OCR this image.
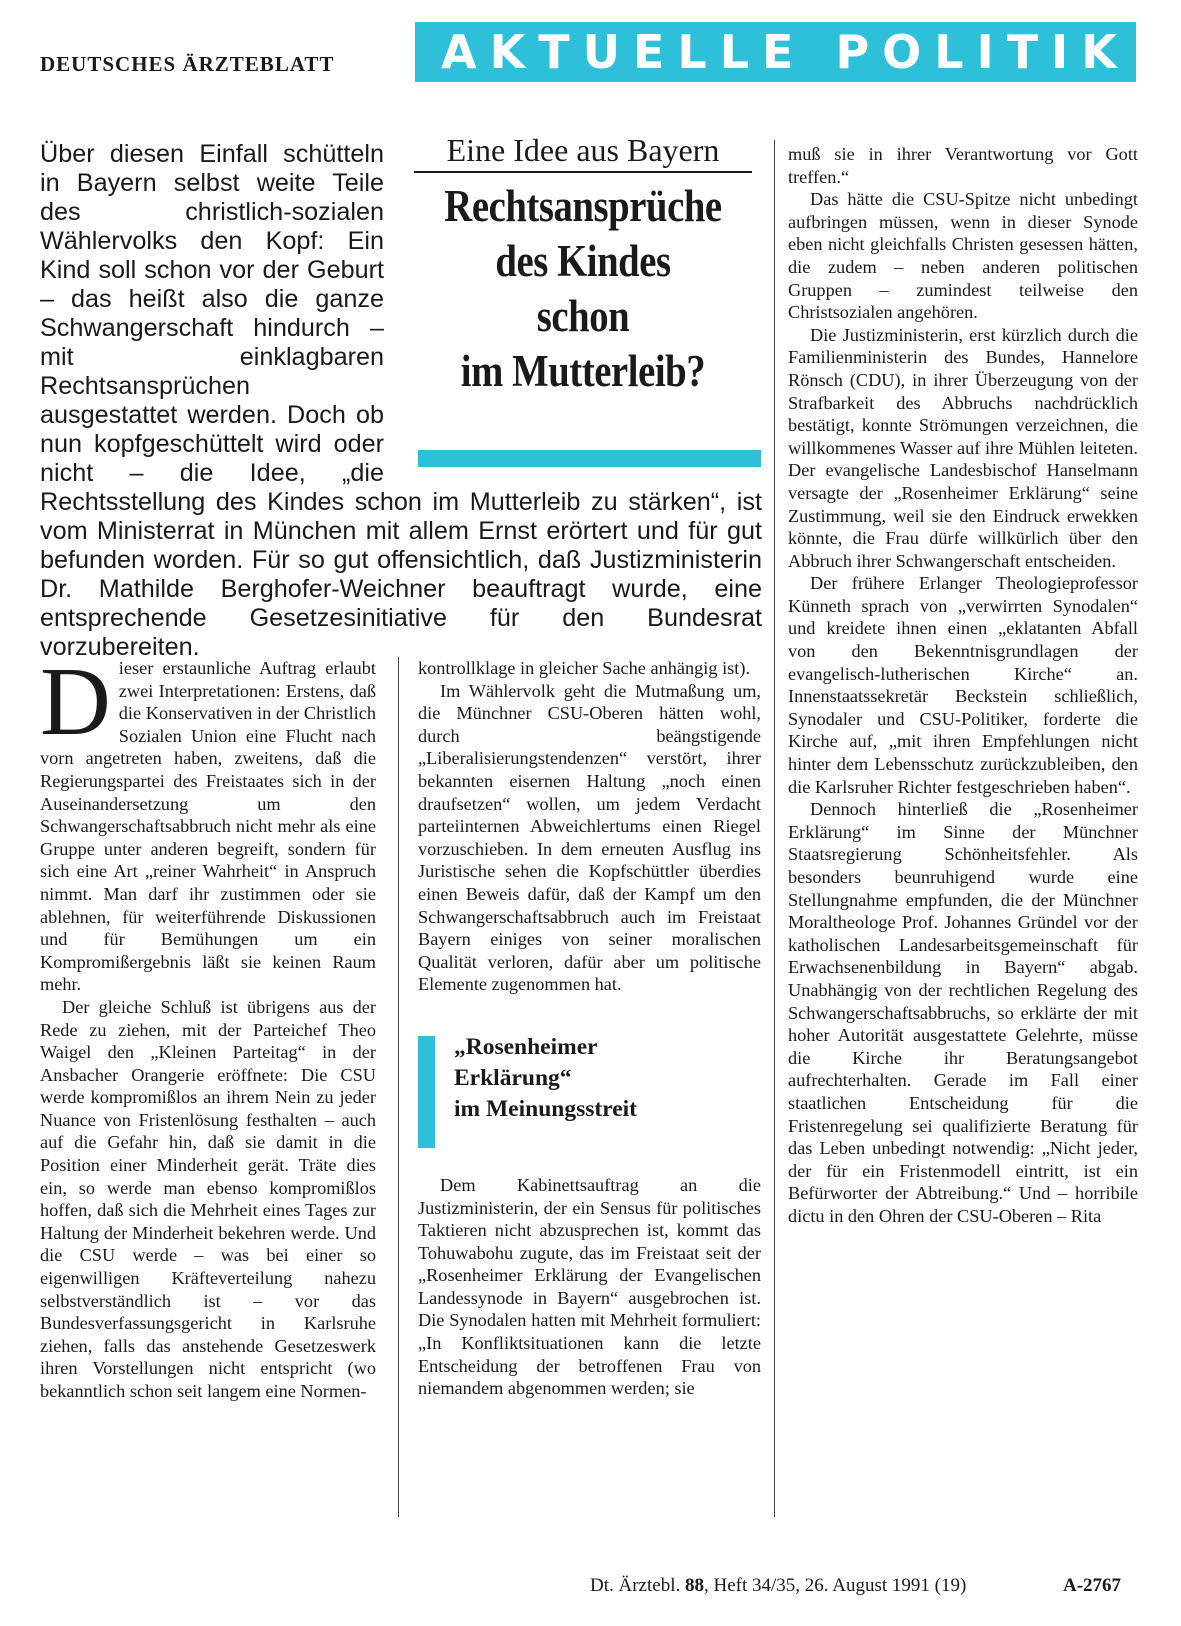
DEUTSCHES ÄRZTEBLATT	AKTUELLE POLITIK
Eine Idee aus Bayern
Rechtsansprüche
des Kindes
schon
im Mutterleib?

Über diesen Einfall schütteln in Bayern selbst weite Teile des christlich-sozialen Wählervolks den Kopf: Ein Kind soll schon vor der Geburt – das heißt also die ganze Schwangerschaft hindurch – mit einklagbaren Rechtsansprüchen ausgestattet werden. Doch ob nun kopfgeschüttelt wird oder nicht – die Idee, „die Rechtsstellung des Kindes schon im Mutterleib zu stärken“, ist vom Ministerrat in München mit allem Ernst erörtert und für gut befunden worden. Für so gut offensichtlich, daß Justizministerin Dr. Mathilde Berghofer-Weichner beauftragt wurde, eine entsprechende Gesetzesinitiative für den Bundesrat vorzubereiten.

Dieser erstaunliche Auftrag erlaubt zwei Interpretationen: Erstens, daß die Konservativen in der Christlich Sozialen Union eine Flucht nach vorn angetreten haben, zweitens, daß die Regierungspartei des Freistaates sich in der Auseinandersetzung um den Schwangerschaftsabbruch nicht mehr als eine Gruppe unter anderen begreift, sondern für sich eine Art „reiner Wahrheit“ in Anspruch nimmt. Man darf ihr zustimmen oder sie ablehnen, für weiterführende Diskussionen und für Bemühungen um ein Kompromißergebnis läßt sie keinen Raum mehr.

Der gleiche Schluß ist übrigens aus der Rede zu ziehen, mit der Parteichef Theo Waigel den „Kleinen Parteitag“ in der Ansbacher Orangerie eröffnete: Die CSU werde kompromißlos an ihrem Nein zu jeder Nuance von Fristenlösung festhalten – auch auf die Gefahr hin, daß sie damit in die Position einer Minderheit gerät. Träte dies ein, so werde man ebenso kompromißlos hoffen, daß sich die Mehrheit eines Tages zur Haltung der Minderheit bekehren werde. Und die CSU werde – was bei einer so eigenwilligen Kräfteverteilung nahezu selbstverständlich ist – vor das Bundesverfassungsgericht in Karlsruhe ziehen, falls das anstehende Gesetzeswerk ihren Vorstellungen nicht entspricht (wo bekanntlich schon seit langem eine Normen-

kontrollklage in gleicher Sache anhängig ist).

Im Wählervolk geht die Mutmaßung um, die Münchner CSU-Oberen hätten wohl, durch beängstigende „Liberalisierungstendenzen“ verstört, ihrer bekannten eisernen Haltung „noch einen draufsetzen“ wollen, um jedem Verdacht parteiinternen Abweichlertums einen Riegel vorzuschieben. In dem erneuten Ausflug ins Juristische sehen die Kopfschüttler überdies einen Beweis dafür, daß der Kampf um den Schwangerschaftsabbruch auch im Freistaat Bayern einiges von seiner moralischen Qualität verloren, dafür aber um politische Elemente zugenommen hat.

„Rosenheimer
Erklärung“
im Meinungsstreit

Dem Kabinettsauftrag an die Justizministerin, der ein Sensus für politisches Taktieren nicht abzusprechen ist, kommt das Tohuwabohu zugute, das im Freistaat seit der „Rosenheimer Erklärung der Evangelischen Landessynode in Bayern“ ausgebrochen ist. Die Synodalen hatten mit Mehrheit formuliert: „In Konfliktsituationen kann die letzte Entscheidung der betroffenen Frau von niemandem abgenommen werden; sie

muß sie in ihrer Verantwortung vor Gott treffen.“

Das hätte die CSU-Spitze nicht unbedingt aufbringen müssen, wenn in dieser Synode eben nicht gleichfalls Christen gesessen hätten, die zudem – neben anderen politischen Gruppen – zumindest teilweise den Christsozialen angehören.

Die Justizministerin, erst kürzlich durch die Familienministerin des Bundes, Hannelore Rönsch (CDU), in ihrer Überzeugung von der Strafbarkeit des Abbruchs nachdrücklich bestätigt, konnte Strömungen verzeichnen, die willkommenes Wasser auf ihre Mühlen leiteten. Der evangelische Landesbischof Hanselmann versagte der „Rosenheimer Erklärung“ seine Zustimmung, weil sie den Eindruck erwekken könnte, die Frau dürfe willkürlich über den Abbruch ihrer Schwangerschaft entscheiden.

Der frühere Erlanger Theologieprofessor Künneth sprach von „verwirrten Synodalen“ und kreidete ihnen einen „eklatanten Abfall von den Bekenntnisgrundlagen der evangelisch-lutherischen Kirche“ an. Innenstaatssekretär Beckstein schließlich, Synodaler und CSU-Politiker, forderte die Kirche auf, „mit ihren Empfehlungen nicht hinter dem Lebensschutz zurückzubleiben, den die Karlsruher Richter festgeschrieben haben“.

Dennoch hinterließ die „Rosenheimer Erklärung“ im Sinne der Münchner Staatsregierung Schönheitsfehler. Als besonders beunruhigend wurde eine Stellungnahme empfunden, die der Münchner Moraltheologe Prof. Johannes Gründel vor der katholischen Landesarbeitsgemeinschaft für Erwachsenenbildung in Bayern“ abgab. Unabhängig von der rechtlichen Regelung des Schwangerschaftsabbruchs, so erklärte der mit hoher Autorität ausgestattete Gelehrte, müsse die Kirche ihr Beratungsangebot aufrechterhalten. Gerade im Fall einer staatlichen Entscheidung für die Fristenregelung sei qualifizierte Beratung für das Leben unbedingt notwendig: „Nicht jeder, der für ein Fristenmodell eintritt, ist ein Befürworter der Abtreibung.“ Und – horribile dictu in den Ohren der CSU-Oberen – Rita

Dt. Ärztebl. 88, Heft 34/35, 26. August 1991 (19)	A-2767
